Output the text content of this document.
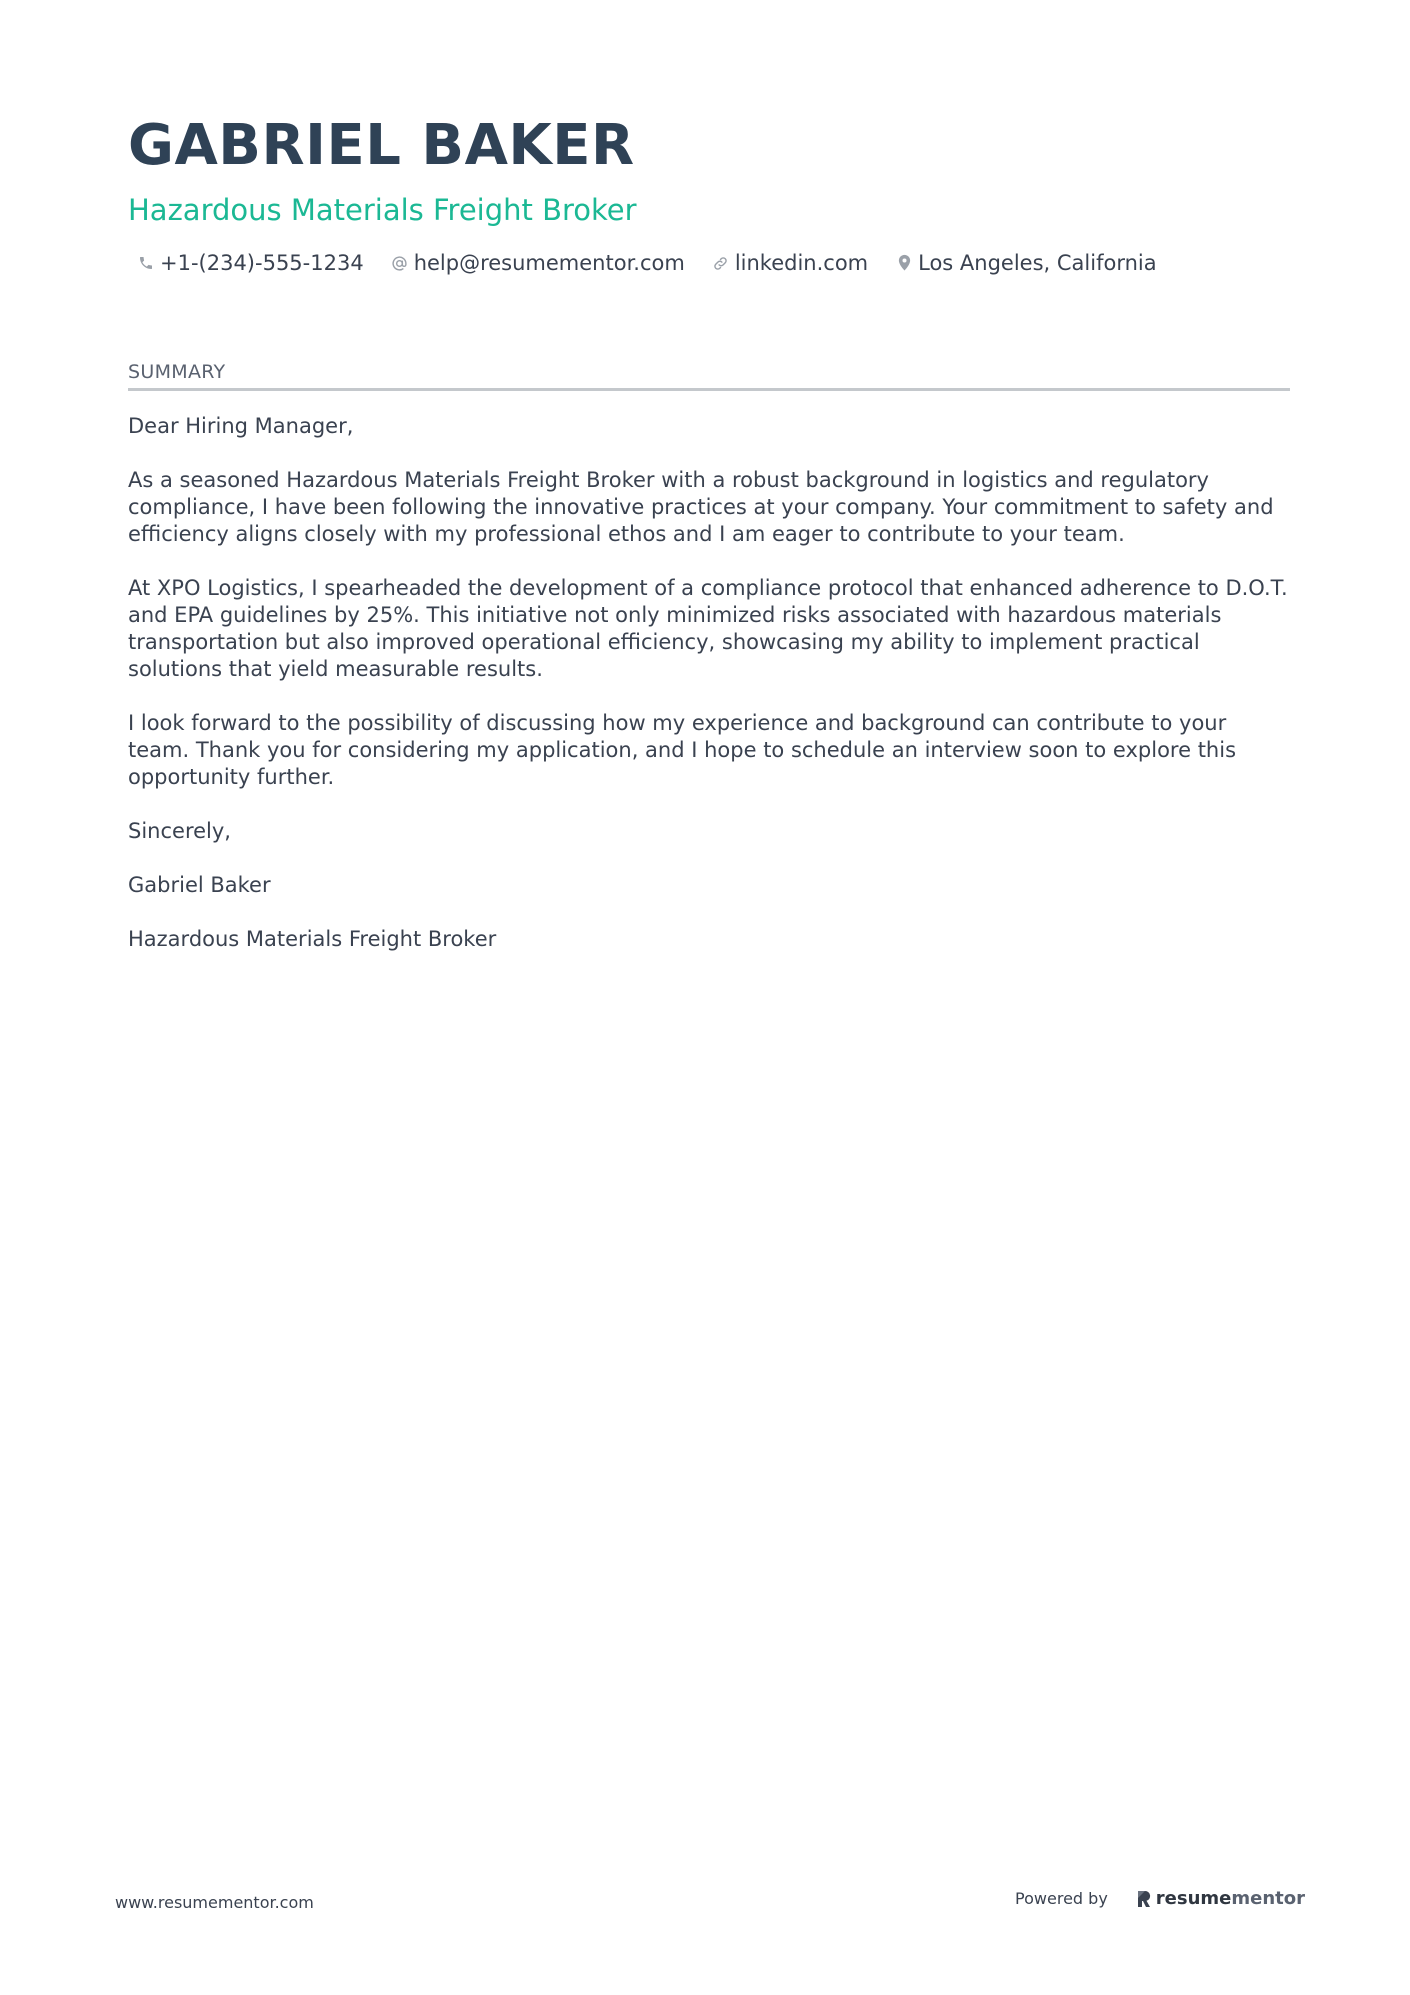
GABRIEL BAKER
Hazardous Materials Freight Broker
+1-(234)-555-1234 help@resumementor.com linkedin.com Los Angeles, California
SUMMARY

Dear Hiring Manager,

As a seasoned Hazardous Materials Freight Broker with a robust background in logistics and regulatory compliance, I have been following the innovative practices at your company. Your commitment to safety and efficiency aligns closely with my professional ethos and I am eager to contribute to your team.

At XPO Logistics, I spearheaded the development of a compliance protocol that enhanced adherence to D.O.T. and EPA guidelines by 25%. This initiative not only minimized risks associated with hazardous materials transportation but also improved operational efficiency, showcasing my ability to implement practical solutions that yield measurable results.

I look forward to the possibility of discussing how my experience and background can contribute to your team. Thank you for considering my application, and I hope to schedule an interview soon to explore this opportunity further.

Sincerely,

Gabriel Baker

Hazardous Materials Freight Broker

www.resumementor.com	Powered by	resume mentor
